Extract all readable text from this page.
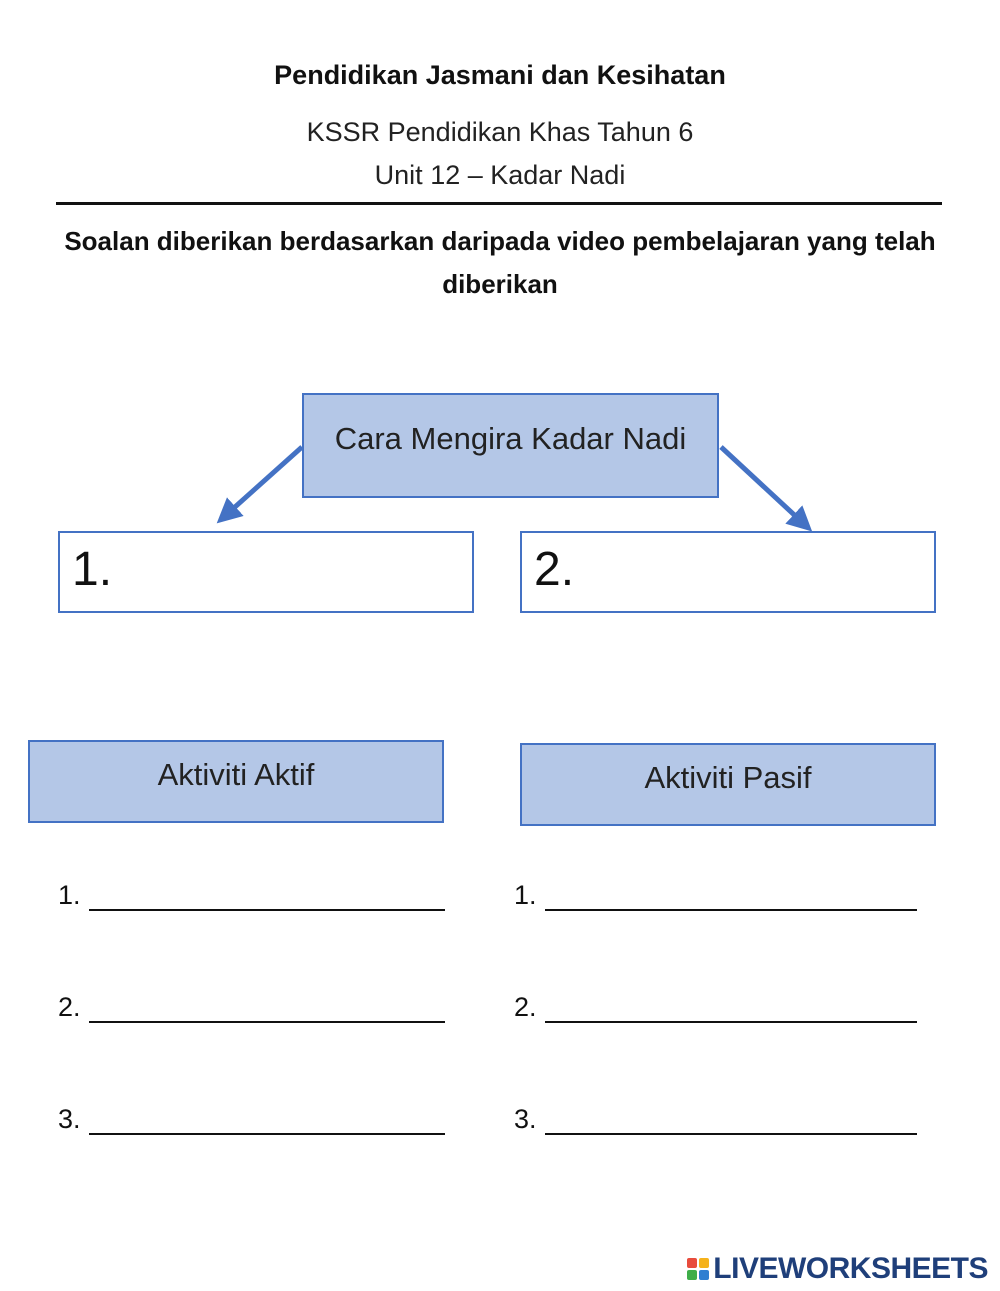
Pendidikan Jasmani dan Kesihatan
KSSR Pendidikan Khas Tahun 6
Unit 12 – Kadar Nadi
Soalan diberikan berdasarkan daripada video pembelajaran yang telah diberikan
Cara Mengira Kadar Nadi
1.	2.
Aktiviti Aktif	Aktiviti Pasif
1.
2.
3.
1.
2.
3.
LIVEWORKSHEETS
